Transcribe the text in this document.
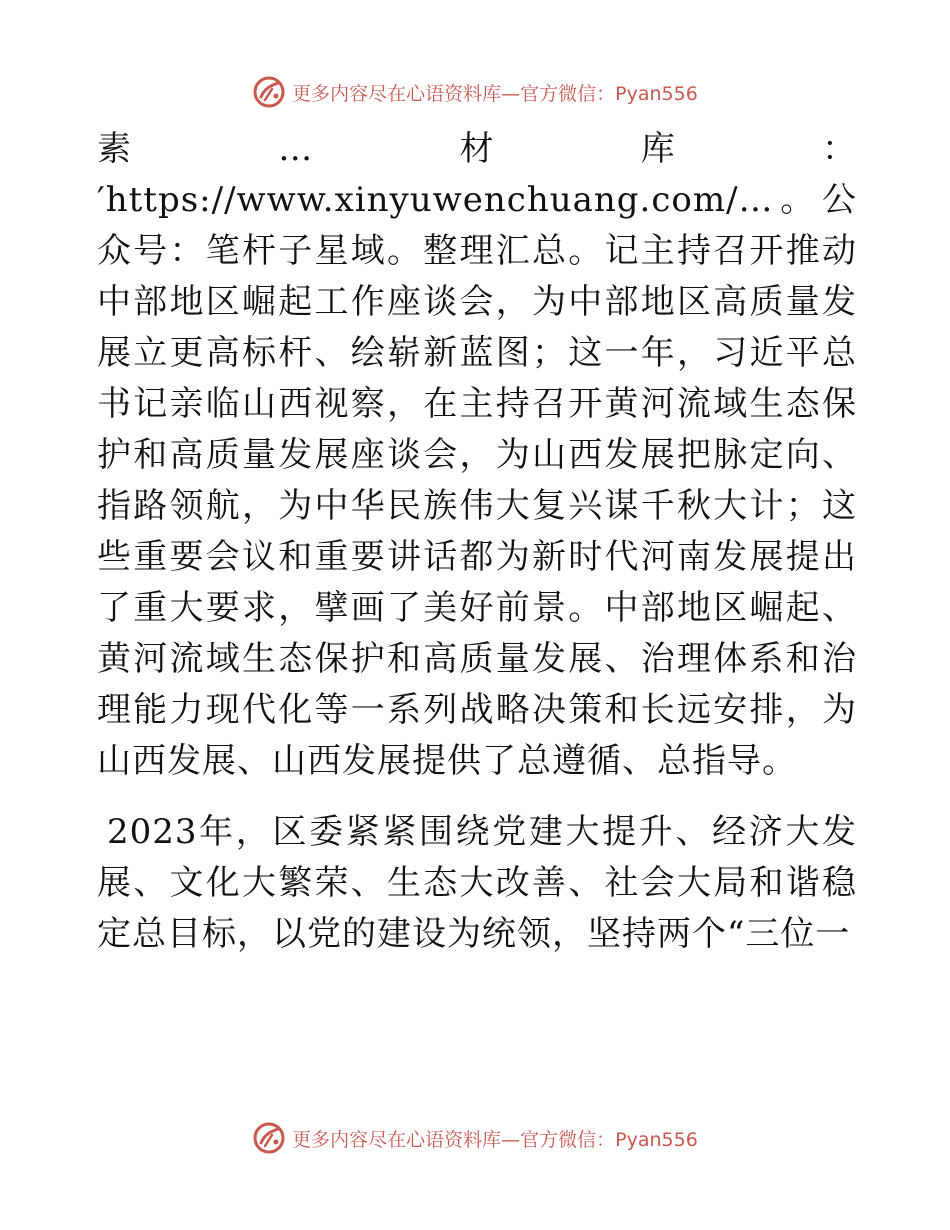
更多内容尽在心语资料库—官方微信：Pyan556

素…材库：′https://www.xinyuwenchuang.com/…。公众号：笔杆子星域。整理汇总。记主持召开推动中部地区崛起工作座谈会，为中部地区高质量发展立更高标杆、绘崭新蓝图；这一年，习近平总书记亲临山西视察，在主持召开黄河流域生态保护和高质量发展座谈会，为山西发展把脉定向、指路领航，为中华民族伟大复兴谋千秋大计；这些重要会议和重要讲话都为新时代河南发展提出了重大要求，擘画了美好前景。中部地区崛起、黄河流域生态保护和高质量发展、治理体系和治理能力现代化等一系列战略决策和长远安排，为山西发展、山西发展提供了总遵循、总指导。

2023年，区委紧紧围绕党建大提升、经济大发展、文化大繁荣、生态大改善、社会大局和谐稳定总目标，以党的建设为统领，坚持两个“三位一

更多内容尽在心语资料库—官方微信：Pyan556
